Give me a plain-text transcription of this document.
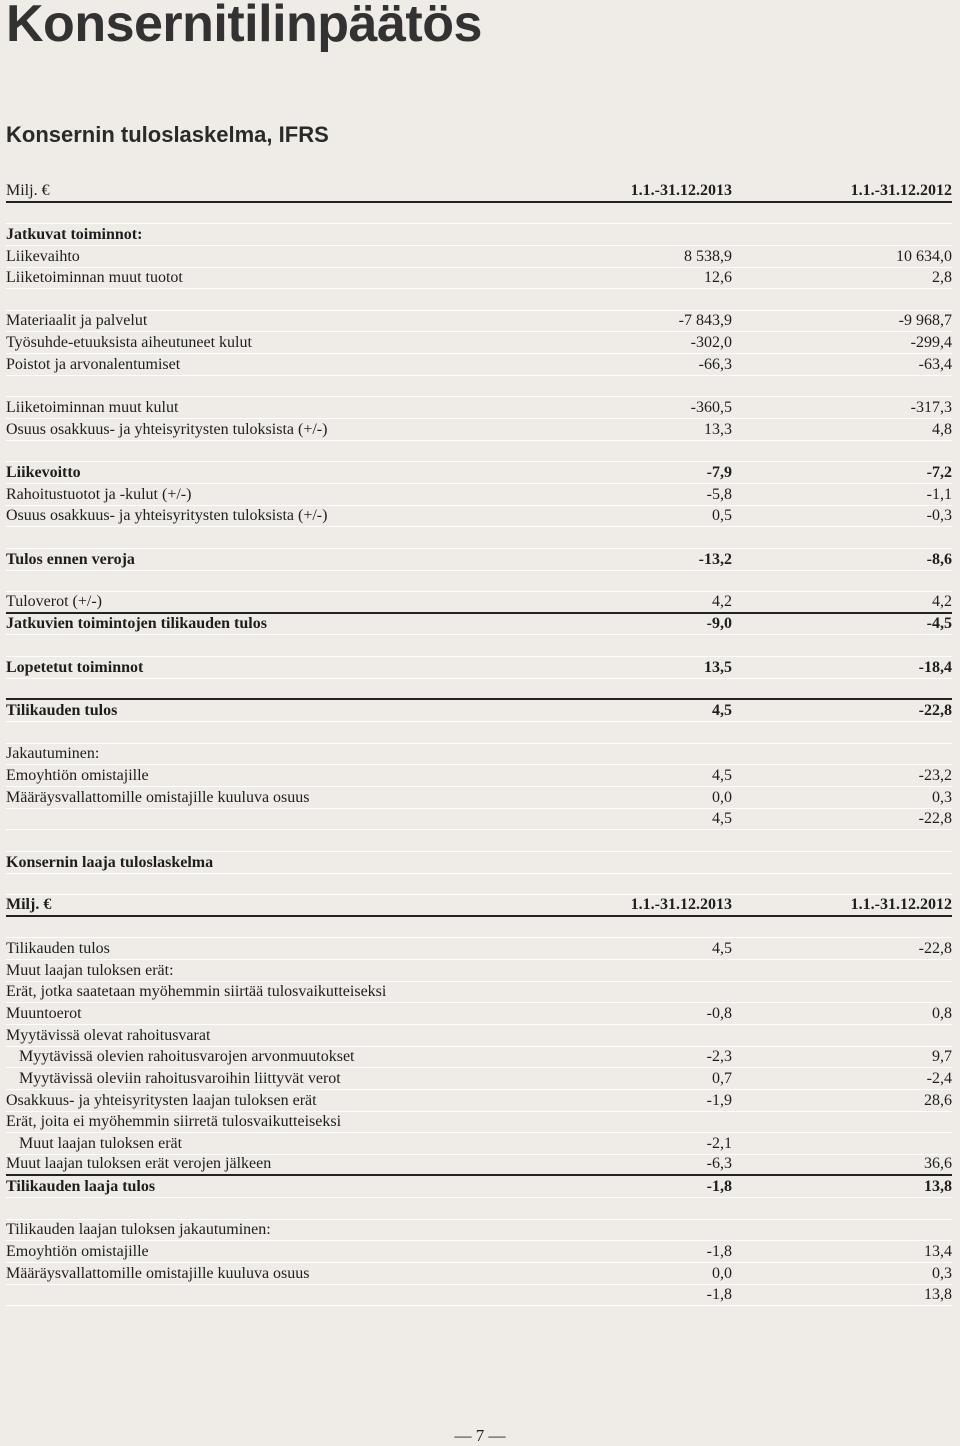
Konsernitilinpäätös
Konsernin tuloslaskelma, IFRS
Milj. €	1.1.-31.12.2013	1.1.-31.12.2012
Jatkuvat toiminnot:
Liikevaihto	8 538,9	10 634,0
Liiketoiminnan muut tuotot	12,6	2,8
Materiaalit ja palvelut	-7 843,9	-9 968,7
Työsuhde-etuuksista aiheutuneet kulut	-302,0	-299,4
Poistot ja arvonalentumiset	-66,3	-63,4
Liiketoiminnan muut kulut	-360,5	-317,3
Osuus osakkuus- ja yhteisyritysten tuloksista (+/-)	13,3	4,8
Liikevoitto	-7,9	-7,2
Rahoitustuotot ja -kulut (+/-)	-5,8	-1,1
Osuus osakkuus- ja yhteisyritysten tuloksista (+/-)	0,5	-0,3
Tulos ennen veroja	-13,2	-8,6
Tuloverot (+/-)	4,2	4,2
Jatkuvien toimintojen tilikauden tulos	-9,0	-4,5
Lopetetut toiminnot	13,5	-18,4
Tilikauden tulos	4,5	-22,8
Jakautuminen:
Emoyhtiön omistajille	4,5	-23,2
Määräysvallattomille omistajille kuuluva osuus	0,0	0,3
4,5	-22,8
Konsernin laaja tuloslaskelma
Milj. €	1.1.-31.12.2013	1.1.-31.12.2012
Tilikauden tulos	4,5	-22,8
Muut laajan tuloksen erät:
Erät, jotka saatetaan myöhemmin siirtää tulosvaikutteiseksi
Muuntoerot	-0,8	0,8
Myytävissä olevat rahoitusvarat
Myytävissä olevien rahoitusvarojen arvonmuutokset	-2,3	9,7
Myytävissä oleviin rahoitusvaroihin liittyvät verot	0,7	-2,4
Osakkuus- ja yhteisyritysten laajan tuloksen erät	-1,9	28,6
Erät, joita ei myöhemmin siirretä tulosvaikutteiseksi
Muut laajan tuloksen erät	-2,1
Muut laajan tuloksen erät verojen jälkeen	-6,3	36,6
Tilikauden laaja tulos	-1,8	13,8
Tilikauden laajan tuloksen jakautuminen:
Emoyhtiön omistajille	-1,8	13,4
Määräysvallattomille omistajille kuuluva osuus	0,0	0,3
-1,8	13,8
— 7 —
